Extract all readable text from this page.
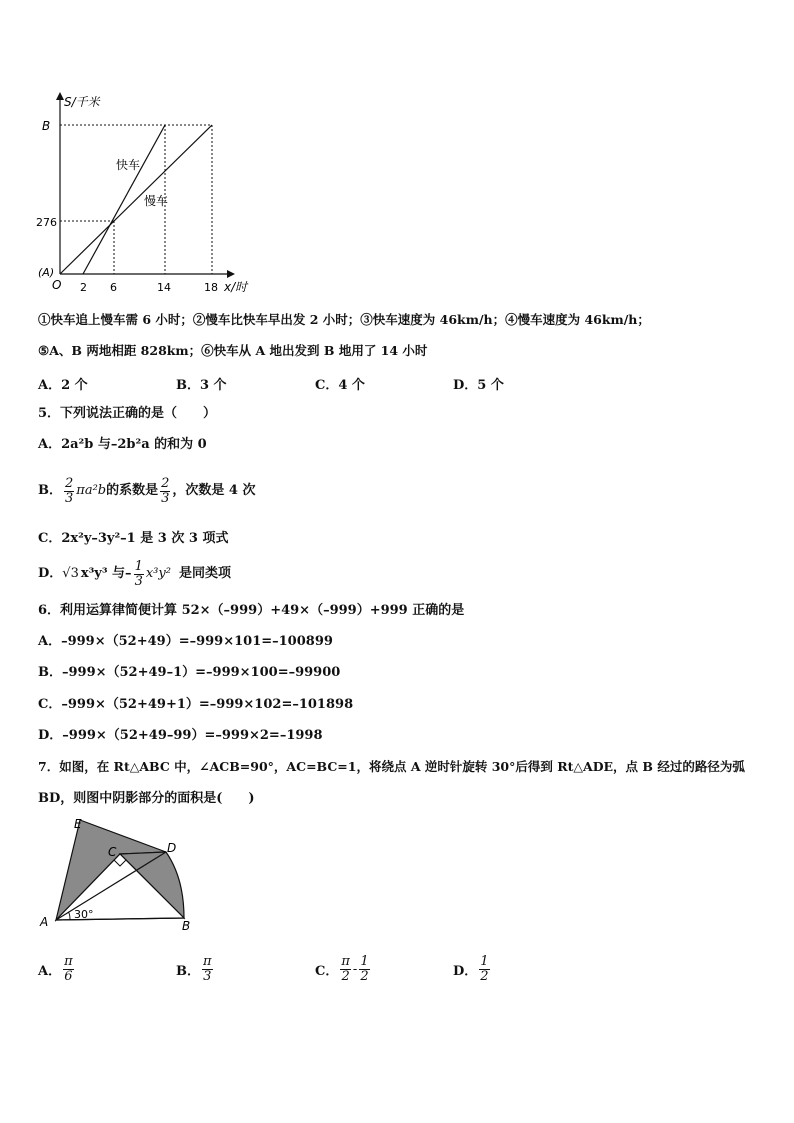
S/千米
x/时
B
276
(A)
O 2 6	14	18
快车
慢车
①快车追上慢车需 6 小时；②慢车比快车早出发 2 小时；③快车速度为 46km/h；④慢车速度为 46km/h；
⑤A、B 两地相距 828km；⑥快车从 A 地出发到 B 地用了 14 小时
A．2 个	B．3 个	C．4 个	D．5 个
5．下列说法正确的是（　　）
A．2a²b 与–2b²a 的和为 0
B． $\frac{2}{3} \pi a^2b$ 的系数是 $\frac{2}{3}$ ，次数是 4 次
C．2x²y–3y²–1 是 3 次 3 项式
D． √3 x³y³ 与– $\frac{1}{3} x^3y^2$ 是同类项
6．利用运算律简便计算 52×（–999）+49×（–999）+999 正确的是
A．–999×（52+49）=–999×101=–100899
B．–999×（52+49–1）=–999×100=–99900
C．–999×（52+49+1）=–999×102=–101898
D．–999×（52+49–99）=–999×2=–1998
7．如图，在 Rt△ABC 中，∠ACB=90°，AC=BC=1，将绕点 A 逆时针旋转 30°后得到 Rt△ADE，点 B 经过的路径为弧
BD，则图中阴影部分的面积是(　　)
E
C	D
A	B
30°
A． $\frac{\pi}{6}$	B． $\frac{\pi}{3}$	C． $\frac{\pi}{2} - \frac{1}{2}$	D． $\frac{1}{2}$
